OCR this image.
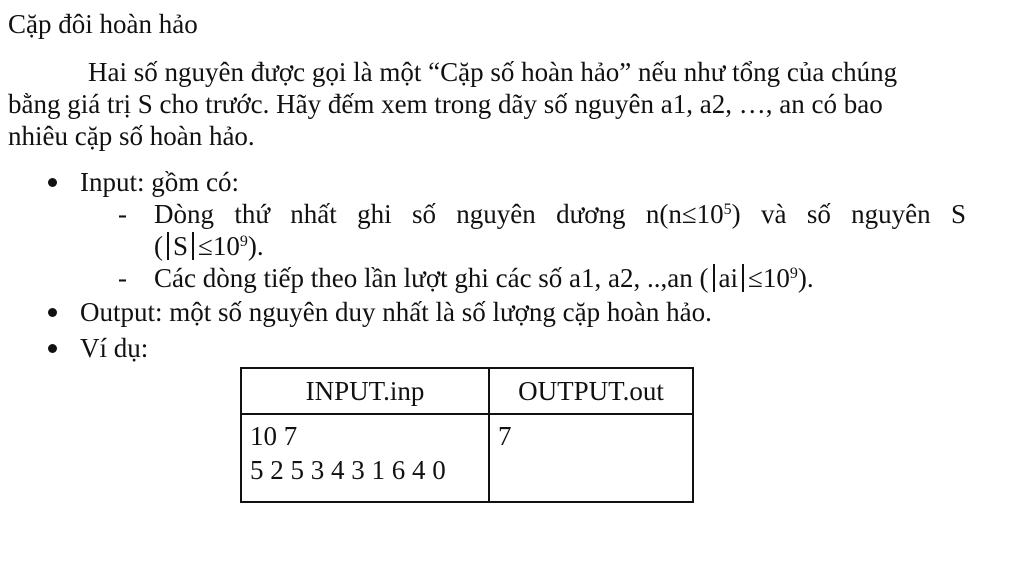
Cặp đôi hoàn hảo
Hai số nguyên được gọi là một “Cặp số hoàn hảo” nếu như tổng của chúng
bằng giá trị S cho trước. Hãy đếm xem trong dãy số nguyên a1, a2, …, an có bao
nhiêu cặp số hoàn hảo.
Input: gồm có:
- Dòng thứ nhất ghi số nguyên dương $n(n\le 10^5)$ và số nguyên S
( $S \le 10^9$).
- Các dòng tiếp theo lần lượt ghi các số a1, a2, ..,an ( ai $\le 10^9$).
Output: một số nguyên duy nhất là số lượng cặp hoàn hảo.
Ví dụ:
INPUT.inp	OUTPUT.out

10 7
5 2 5 3 4 3 1 6 4 0	7
